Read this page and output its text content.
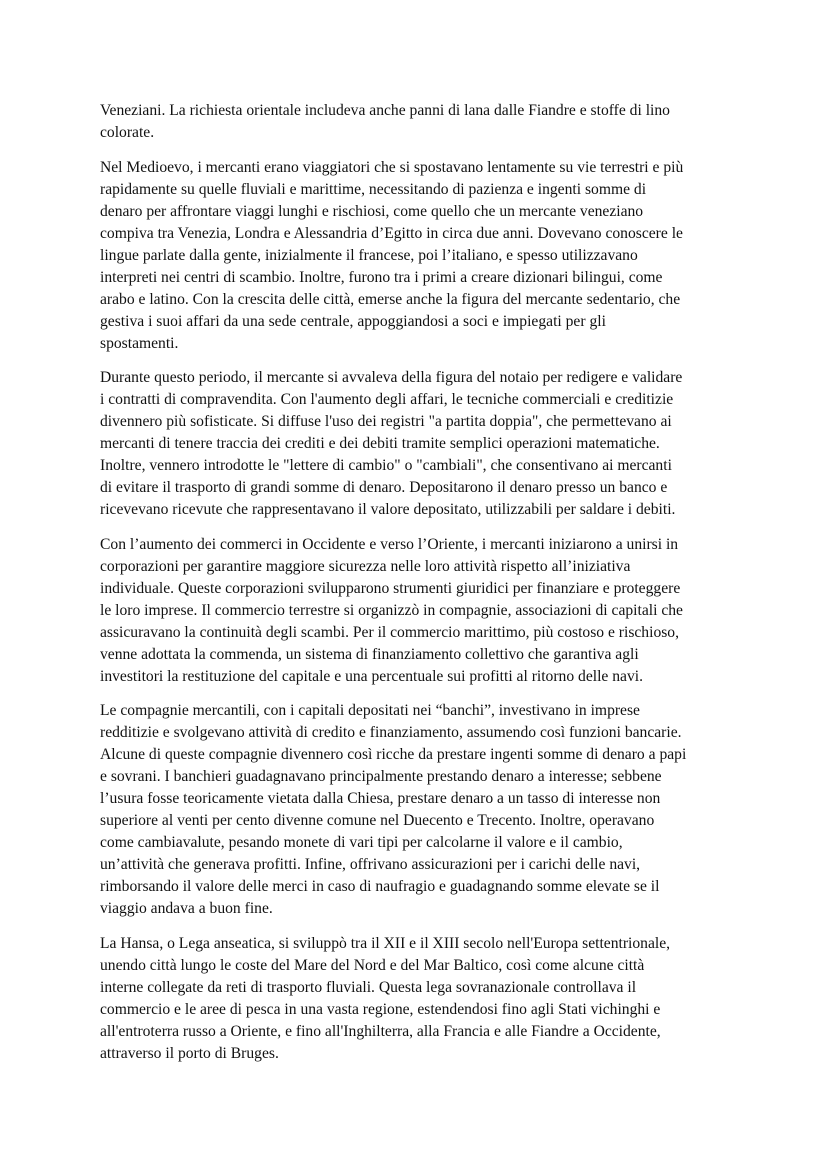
Veneziani. La richiesta orientale includeva anche panni di lana dalle Fiandre e stoffe di lino
colorate.

Nel Medioevo, i mercanti erano viaggiatori che si spostavano lentamente su vie terrestri e più
rapidamente su quelle fluviali e marittime, necessitando di pazienza e ingenti somme di
denaro per affrontare viaggi lunghi e rischiosi, come quello che un mercante veneziano
compiva tra Venezia, Londra e Alessandria d’Egitto in circa due anni. Dovevano conoscere le
lingue parlate dalla gente, inizialmente il francese, poi l’italiano, e spesso utilizzavano
interpreti nei centri di scambio. Inoltre, furono tra i primi a creare dizionari bilingui, come
arabo e latino. Con la crescita delle città, emerse anche la figura del mercante sedentario, che
gestiva i suoi affari da una sede centrale, appoggiandosi a soci e impiegati per gli
spostamenti.

Durante questo periodo, il mercante si avvaleva della figura del notaio per redigere e validare
i contratti di compravendita. Con l'aumento degli affari, le tecniche commerciali e creditizie
divennero più sofisticate. Si diffuse l'uso dei registri "a partita doppia", che permettevano ai
mercanti di tenere traccia dei crediti e dei debiti tramite semplici operazioni matematiche.
Inoltre, vennero introdotte le "lettere di cambio" o "cambiali", che consentivano ai mercanti
di evitare il trasporto di grandi somme di denaro. Depositarono il denaro presso un banco e
ricevevano ricevute che rappresentavano il valore depositato, utilizzabili per saldare i debiti.

Con l’aumento dei commerci in Occidente e verso l’Oriente, i mercanti iniziarono a unirsi in
corporazioni per garantire maggiore sicurezza nelle loro attività rispetto all’iniziativa
individuale. Queste corporazioni svilupparono strumenti giuridici per finanziare e proteggere
le loro imprese. Il commercio terrestre si organizzò in compagnie, associazioni di capitali che
assicuravano la continuità degli scambi. Per il commercio marittimo, più costoso e rischioso,
venne adottata la commenda, un sistema di finanziamento collettivo che garantiva agli
investitori la restituzione del capitale e una percentuale sui profitti al ritorno delle navi.

Le compagnie mercantili, con i capitali depositati nei “banchi”, investivano in imprese
redditizie e svolgevano attività di credito e finanziamento, assumendo così funzioni bancarie.
Alcune di queste compagnie divennero così ricche da prestare ingenti somme di denaro a papi
e sovrani. I banchieri guadagnavano principalmente prestando denaro a interesse; sebbene
l’usura fosse teoricamente vietata dalla Chiesa, prestare denaro a un tasso di interesse non
superiore al venti per cento divenne comune nel Duecento e Trecento. Inoltre, operavano
come cambiavalute, pesando monete di vari tipi per calcolarne il valore e il cambio,
un’attività che generava profitti. Infine, offrivano assicurazioni per i carichi delle navi,
rimborsando il valore delle merci in caso di naufragio e guadagnando somme elevate se il
viaggio andava a buon fine.

La Hansa, o Lega anseatica, si sviluppò tra il XII e il XIII secolo nell'Europa settentrionale,
unendo città lungo le coste del Mare del Nord e del Mar Baltico, così come alcune città
interne collegate da reti di trasporto fluviali. Questa lega sovranazionale controllava il
commercio e le aree di pesca in una vasta regione, estendendosi fino agli Stati vichinghi e
all'entroterra russo a Oriente, e fino all'Inghilterra, alla Francia e alle Fiandre a Occidente,
attraverso il porto di Bruges.
